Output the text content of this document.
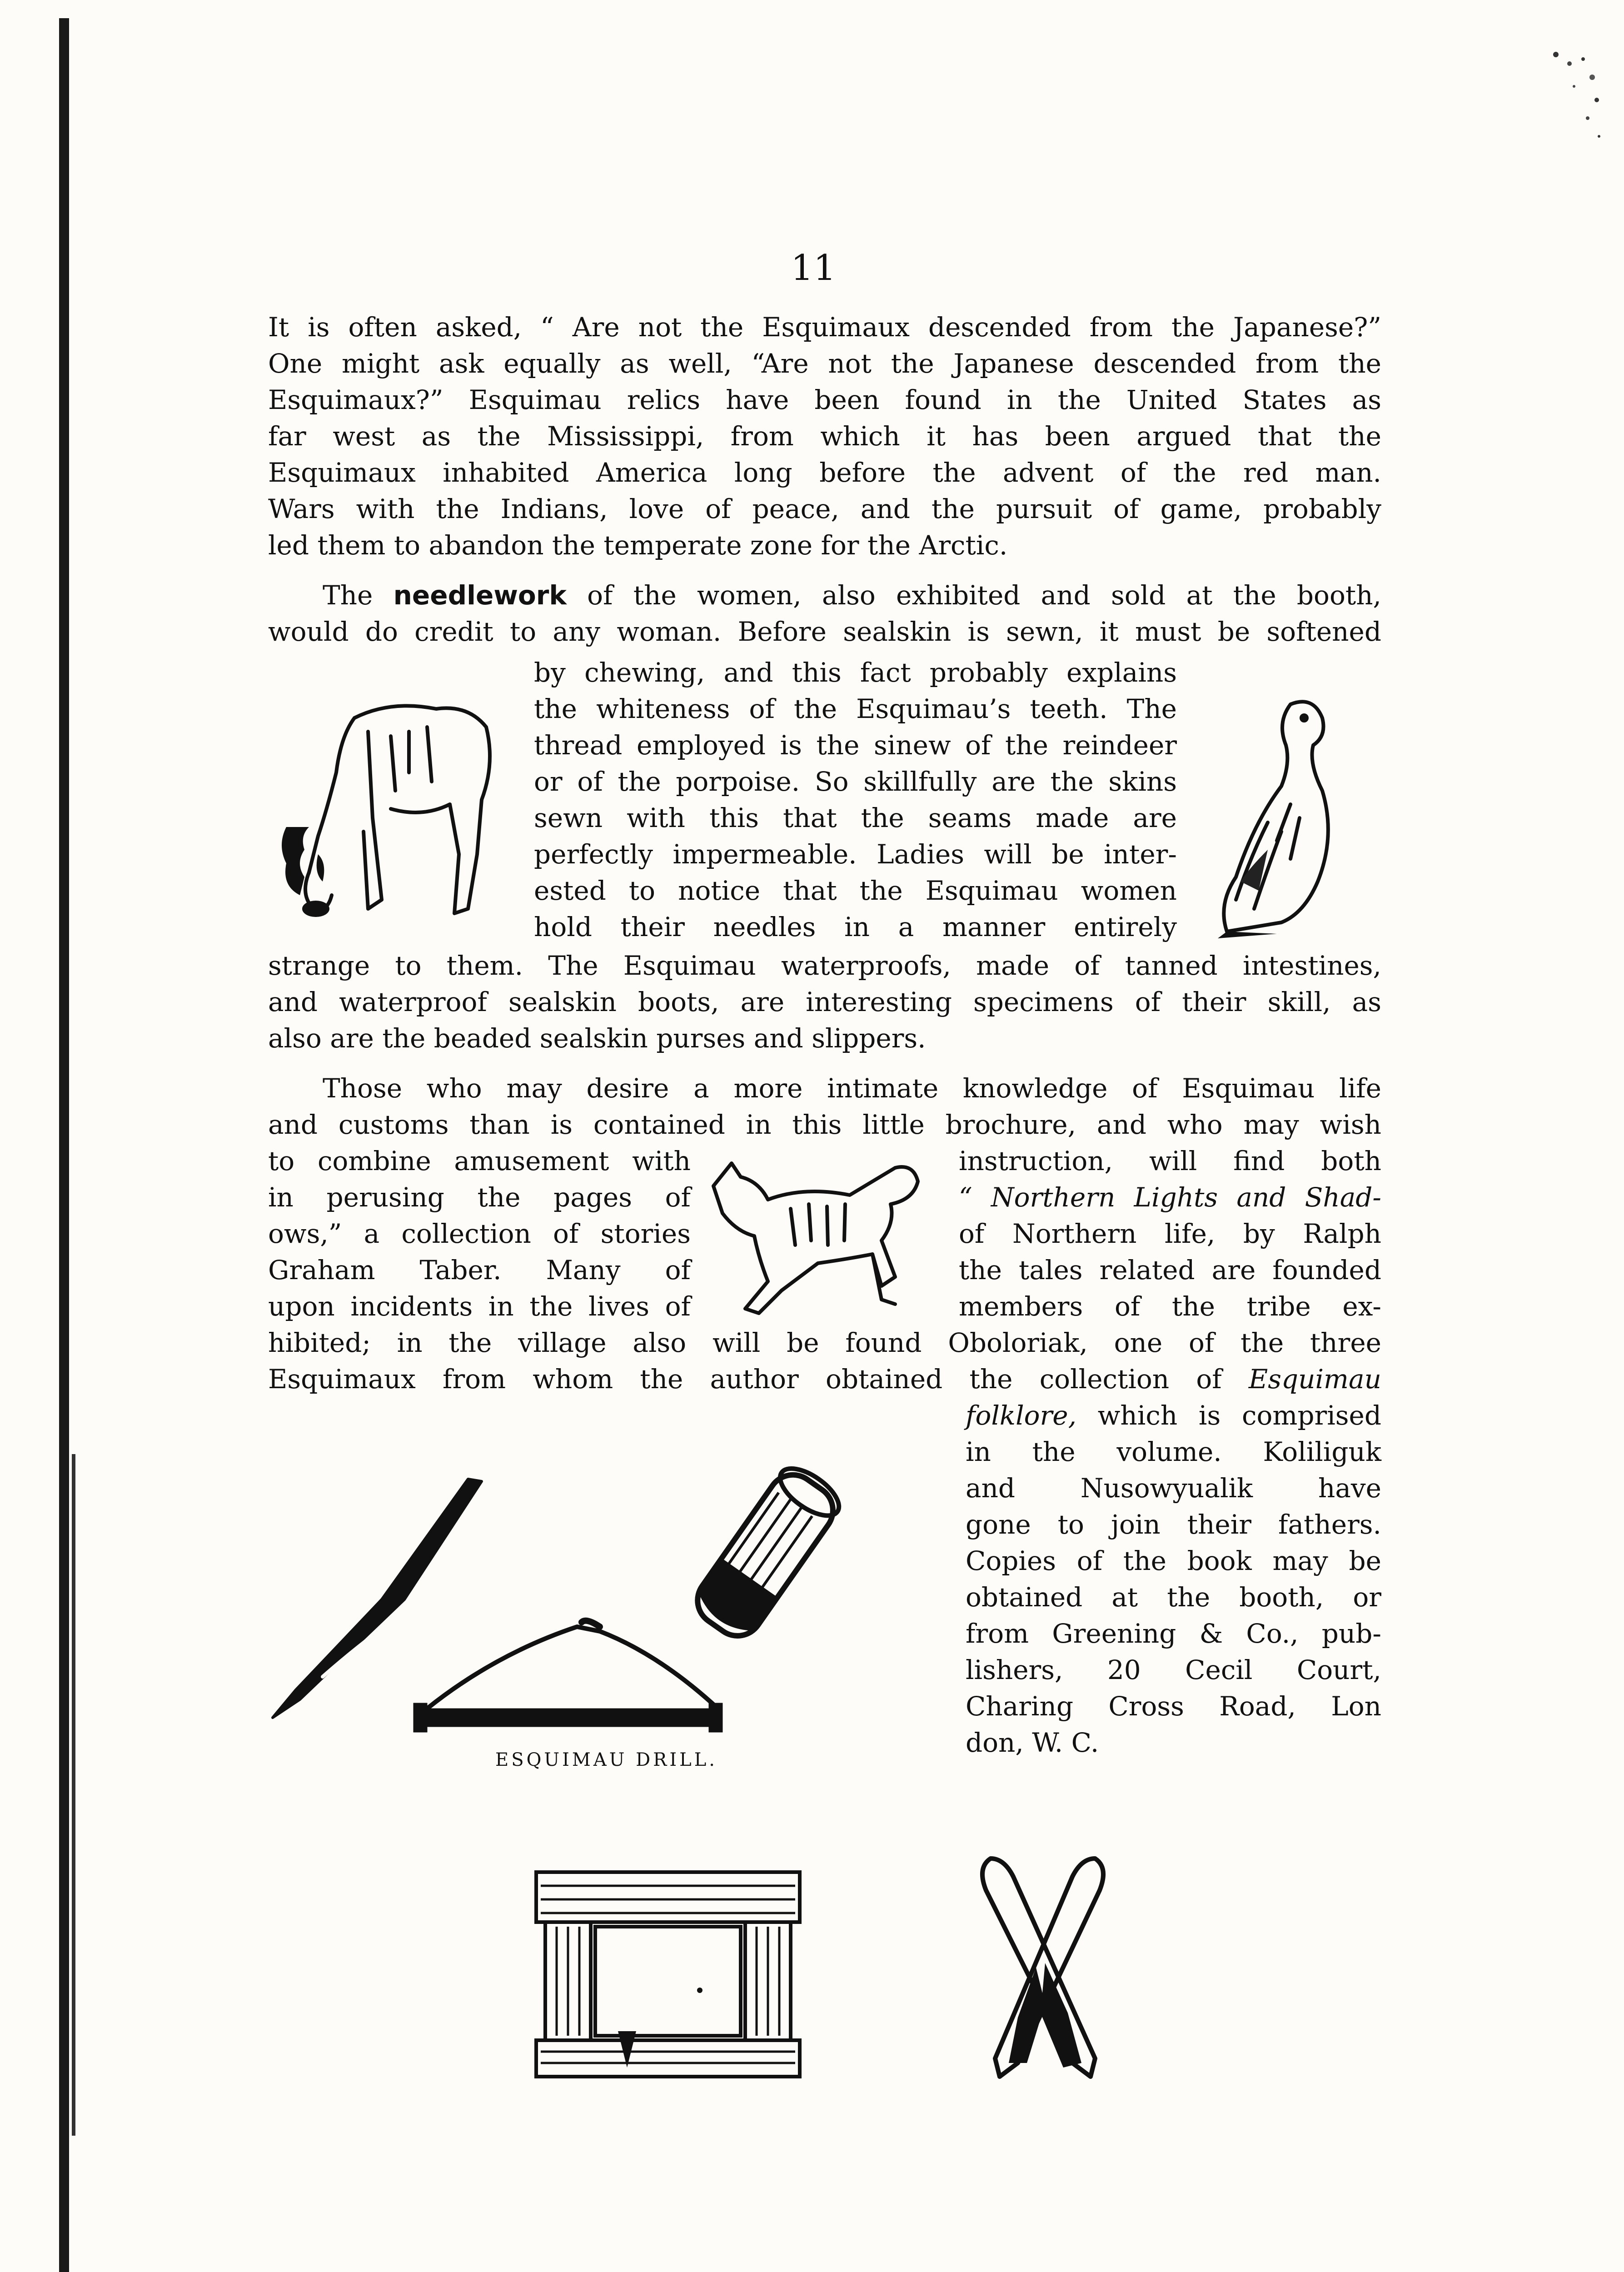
11
It is often asked, “ Are not the Esquimaux descended from the Japanese?”
One might ask equally as well, “Are not the Japanese descended from the
Esquimaux?” Esquimau relics have been found in the United States as
far west as the Mississippi, from which it has been argued that the
Esquimaux inhabited America long before the advent of the red man.
Wars with the Indians, love of peace, and the pursuit of game, probably
led them to abandon the temperate zone for the Arctic.
The needlework of the women, also exhibited and sold at the booth,
would do credit to any woman. Before sealskin is sewn, it must be softened
by chewing, and this fact probably explains
the whiteness of the Esquimau’s teeth. The
thread employed is the sinew of the reindeer
or of the porpoise. So skillfully are the skins
sewn with this that the seams made are
perfectly impermeable. Ladies will be inter-
ested to notice that the Esquimau women
hold their needles in a manner entirely
strange to them. The Esquimau waterproofs, made of tanned intestines,
and waterproof sealskin boots, are interesting specimens of their skill, as
also are the beaded sealskin purses and slippers.
Those who may desire a more intimate knowledge of Esquimau life
and customs than is contained in this little brochure, and who may wish
to combine amusement with
in perusing the pages of
ows,” a collection of stories
Graham Taber. Many of
upon incidents in the lives of
instruction, will find both
“ Northern Lights and Shad-
of Northern life, by Ralph
the tales related are founded
members of the tribe ex-
hibited; in the village also will be found Oboloriak, one of the three
Esquimaux from whom the author obtained the collection of Esquimau
folklore, which is comprised
in the volume. Koliliguk
and Nusowyualik have
gone to join their fathers.
Copies of the book may be
obtained at the booth, or
from Greening & Co., pub-
lishers, 20 Cecil Court,
Charing Cross Road, Lon
don, W. C.
ESQUIMAU DRILL.
